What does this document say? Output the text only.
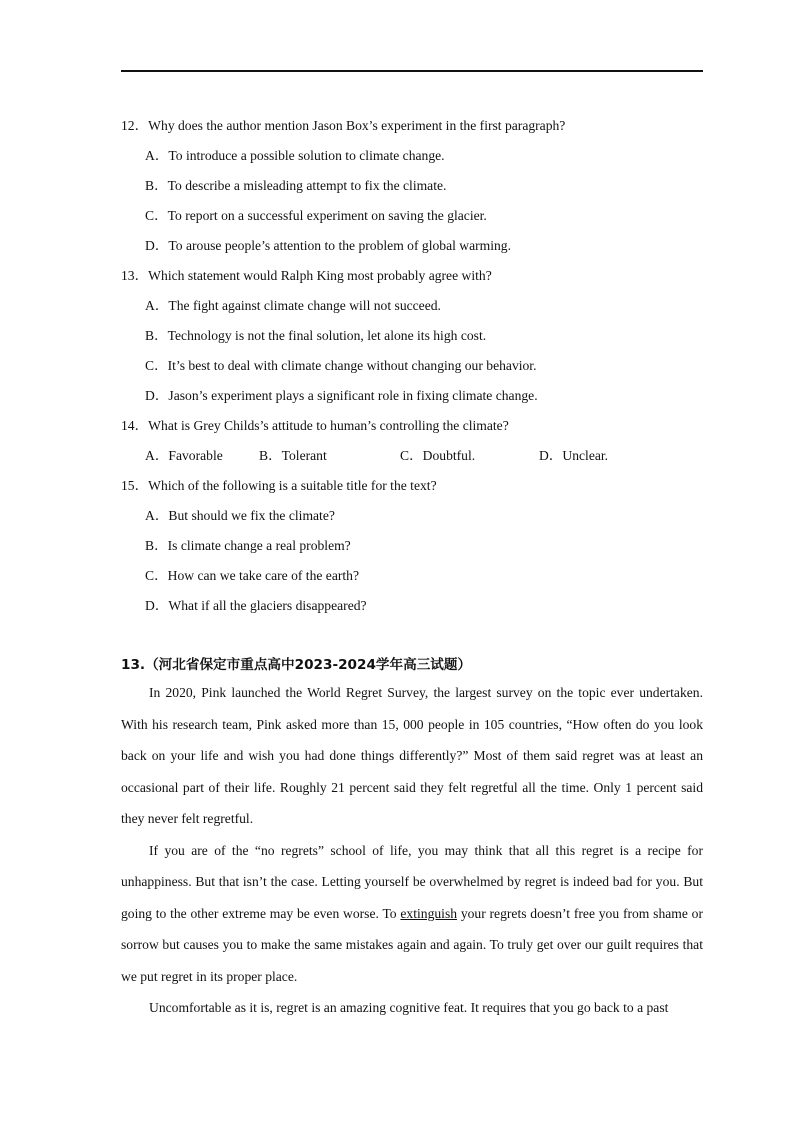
12．Why does the author mention Jason Box’s experiment in the first paragraph?
A．To introduce a possible solution to climate change.
B．To describe a misleading attempt to fix the climate.
C．To report on a successful experiment on saving the glacier.
D．To arouse people’s attention to the problem of global warming.
13．Which statement would Ralph King most probably agree with?
A．The fight against climate change will not succeed.
B．Technology is not the final solution, let alone its high cost.
C．It’s best to deal with climate change without changing our behavior.
D．Jason’s experiment plays a significant role in fixing climate change.
14．What is Grey Childs’s attitude to human’s controlling the climate?
A．Favorable	B．Tolerant	C．Doubtful.	D．Unclear.
15．Which of the following is a suitable title for the text?
A．But should we fix the climate?
B．Is climate change a real problem?
C．How can we take care of the earth?
D．What if all the glaciers disappeared?
13.（河北省保定市重点高中2023-2024学年高三试题）

In 2020, Pink launched the World Regret Survey, the largest survey on the topic ever undertaken. With his research team, Pink asked more than 15, 000 people in 105 countries, “How often do you look back on your life and wish you had done things differently?” Most of them said regret was at least an occasional part of their life. Roughly 21 percent said they felt regretful all the time. Only 1 percent said they never felt regretful.

If you are of the “no regrets” school of life, you may think that all this regret is a recipe for unhappiness. But that isn’t the case. Letting yourself be overwhelmed by regret is indeed bad for you. But going to the other extreme may be even worse. To extinguish your regrets doesn’t free you from shame or sorrow but causes you to make the same mistakes again and again. To truly get over our guilt requires that we put regret in its proper place.

Uncomfortable as it is, regret is an amazing cognitive feat. It requires that you go back to a past
